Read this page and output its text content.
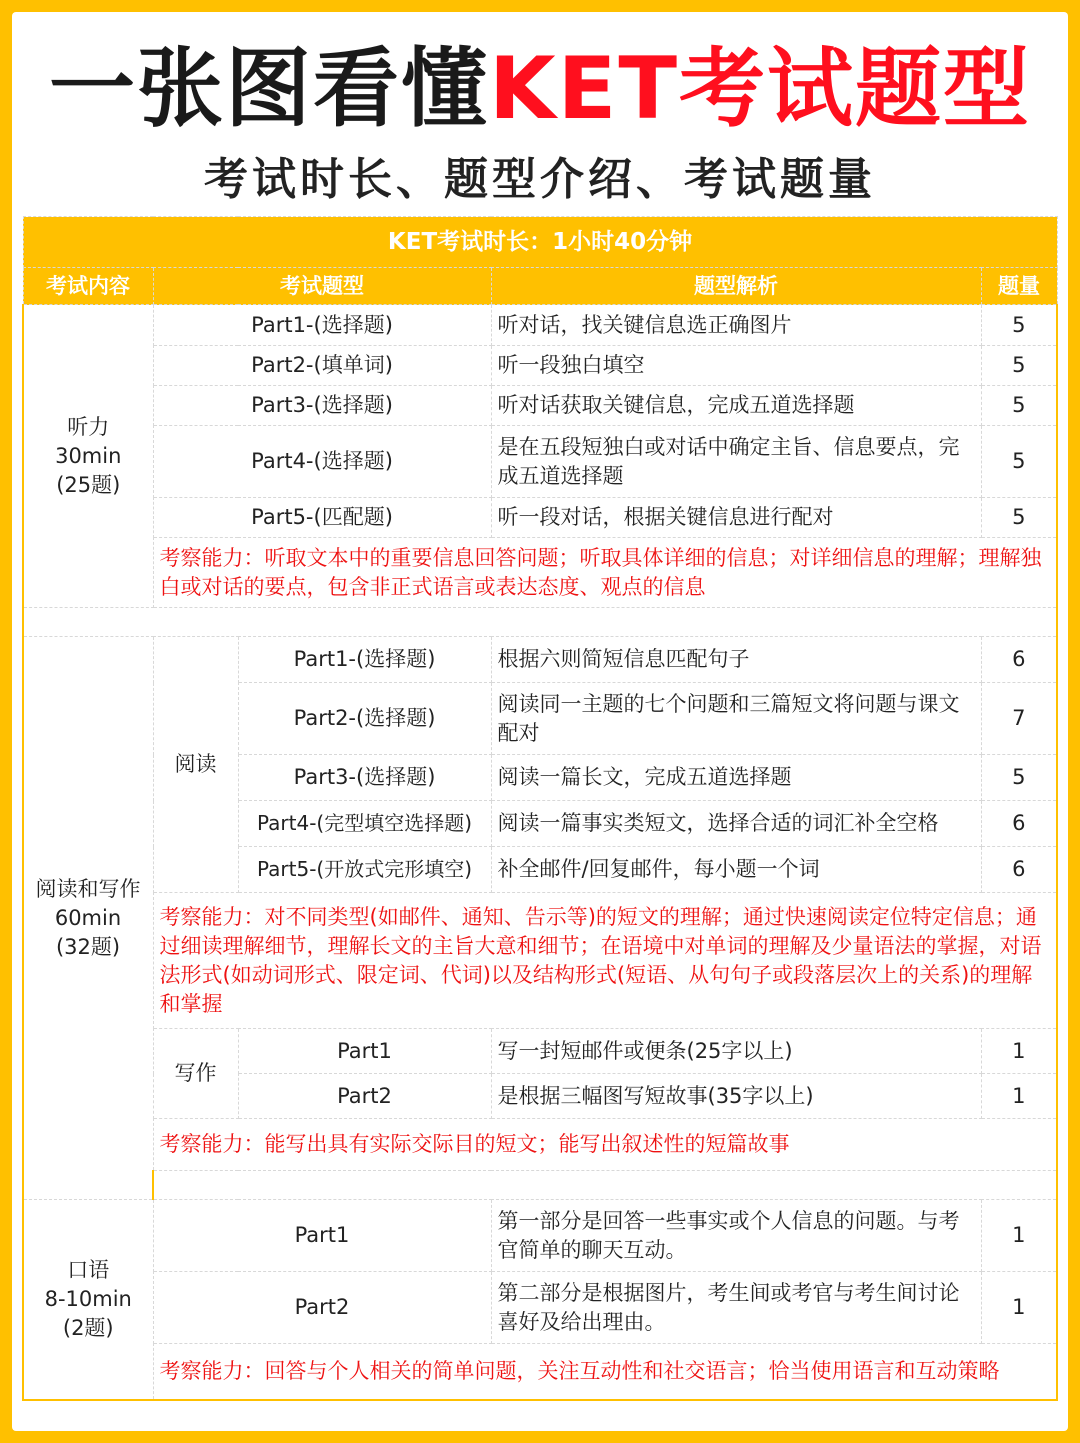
一张图看懂KET考试题型
考试时长、题型介绍、考试题量
KET考试时长：1小时40分钟				
考试内容	考试题型		题型解析	题量

听力
30min
(25题)	Part1-(选择题)		听对话，找关键信息选正确图片	5
	Part2-(填单词)		听一段独白填空	5
	Part3-(选择题)		听对话获取关键信息，完成五道选择题	5
	Part4-(选择题)		是在五段短独白或对话中确定主旨、信息要点，完成五道选择题	5
	Part5-(匹配题)		听一段对话，根据关键信息进行配对	5
	考察能力：听取文本中的重要信息回答问题；听取具体详细的信息；对详细信息的理解；理解独白或对话的要点，包含非正式语言或表达态度、观点的信息			

阅读和写作
60min
(32题)	阅读	Part1-(选择题)	根据六则简短信息匹配句子	6
		Part2-(选择题)	阅读同一主题的七个问题和三篇短文将问题与课文配对	7
		Part3-(选择题)	阅读一篇长文，完成五道选择题	5
		Part4-(完型填空选择题)	阅读一篇事实类短文，选择合适的词汇补全空格	6
		Part5-(开放式完形填空)	补全邮件/回复邮件，每小题一个词	6
	考察能力：对不同类型(如邮件、通知、告示等)的短文的理解；通过快速阅读定位特定信息；通过细读理解细节，理解长文的主旨大意和细节；在语境中对单词的理解及少量语法的掌握，对语法形式(如动词形式、限定词、代词)以及结构形式(短语、从句句子或段落层次上的关系)的理解和掌握			
	写作	Part1	写一封短邮件或便条(25字以上)	1
		Part2	是根据三幅图写短故事(35字以上)	1
	考察能力：能写出具有实际交际目的短文；能写出叙述性的短篇故事			

口语
8-10min
(2题)	Part1		第一部分是回答一些事实或个人信息的问题。与考官简单的聊天互动。	1
	Part2		第二部分是根据图片，考生间或考官与考生间讨论喜好及给出理由。	1
	考察能力：回答与个人相关的简单问题，关注互动性和社交语言；恰当使用语言和互动策略			
